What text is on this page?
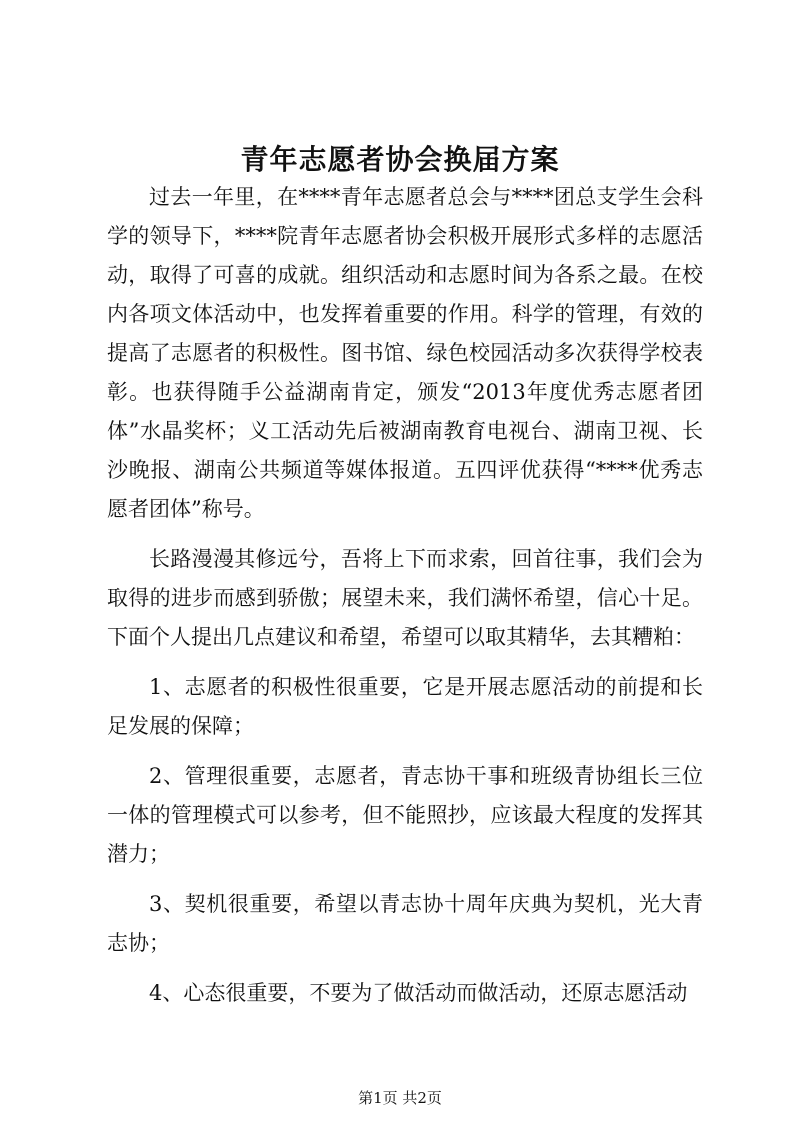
青年志愿者协会换届方案

过去一年里，在****青年志愿者总会与****团总支学生会科学的领导下，****院青年志愿者协会积极开展形式多样的志愿活动，取得了可喜的成就。组织活动和志愿时间为各系之最。在校内各项文体活动中，也发挥着重要的作用。科学的管理，有效的提高了志愿者的积极性。图书馆、绿色校园活动多次获得学校表彰。也获得随手公益湖南肯定，颁发“2013年度优秀志愿者团体”水晶奖杯；义工活动先后被湖南教育电视台、湖南卫视、长沙晚报、湖南公共频道等媒体报道。五四评优获得“****优秀志愿者团体”称号。

长路漫漫其修远兮，吾将上下而求索，回首往事，我们会为取得的进步而感到骄傲；展望未来，我们满怀希望，信心十足。下面个人提出几点建议和希望，希望可以取其精华，去其糟粕：

1、志愿者的积极性很重要，它是开展志愿活动的前提和长足发展的保障；

2、管理很重要，志愿者，青志协干事和班级青协组长三位一体的管理模式可以参考，但不能照抄，应该最大程度的发挥其潜力；

3、契机很重要，希望以青志协十周年庆典为契机，光大青志协；

4、心态很重要，不要为了做活动而做活动，还原志愿活动

第1页 共2页
